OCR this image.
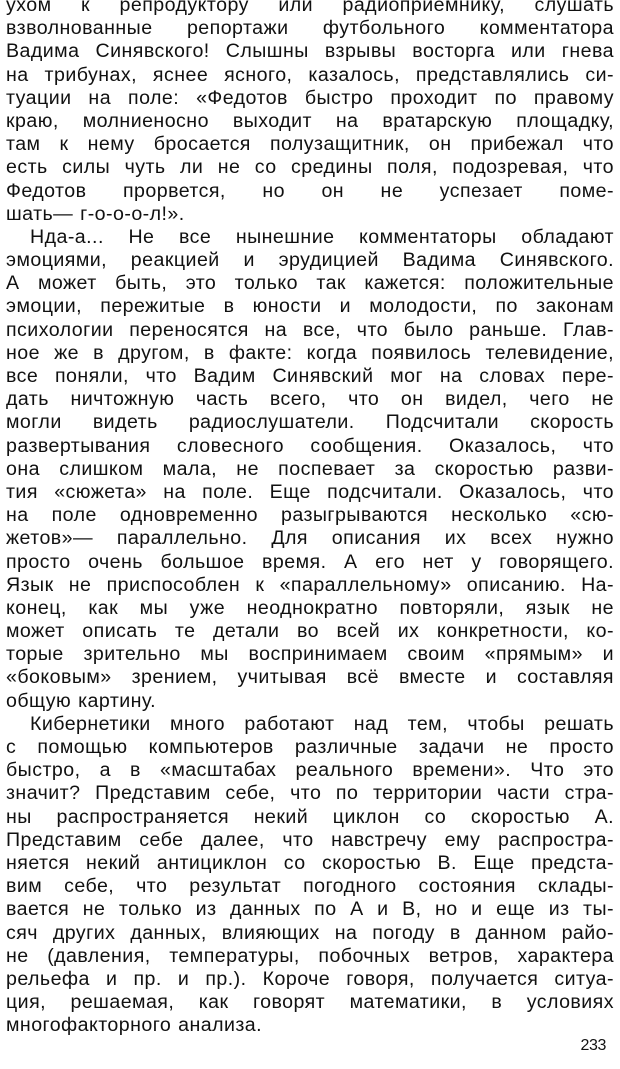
ухом к репродуктору или радиоприемнику, слушать
взволнованные репортажи футбольного комментатора
Вадима Синявского! Слышны взрывы восторга или гнева
на трибунах, яснее ясного, казалось, представлялись си-
туации на поле: «Федотов быстро проходит по правому
краю, молниеносно выходит на вратарскую площадку,
там к нему бросается полузащитник, он прибежал что
есть силы чуть ли не со средины поля, подозревая, что
Федотов прорвется, но он не успезает поме-
шать— г-о-о-о-л!».
Нда-а... Не все нынешние комментаторы обладают
эмоциями, реакцией и эрудицией Вадима Синявского.
А может быть, это только так кажется: положительные
эмоции, пережитые в юности и молодости, по законам
психологии переносятся на все, что было раньше. Глав-
ное же в другом, в факте: когда появилось телевидение,
все поняли, что Вадим Синявский мог на словах пере-
дать ничтожную часть всего, что он видел, чего не
могли видеть радиослушатели. Подсчитали скорость
развертывания словесного сообщения. Оказалось, что
она слишком мала, не поспевает за скоростью разви-
тия «сюжета» на поле. Еще подсчитали. Оказалось, что
на поле одновременно разыгрываются несколько «сю-
жетов»— параллельно. Для описания их всех нужно
просто очень большое время. А его нет у говорящего.
Язык не приспособлен к «параллельному» описанию. На-
конец, как мы уже неоднократно повторяли, язык не
может описать те детали во всей их конкретности, ко-
торые зрительно мы воспринимаем своим «прямым» и
«боковым» зрением, учитывая всё вместе и составляя
общую картину.
Кибернетики много работают над тем, чтобы решать
с помощью компьютеров различные задачи не просто
быстро, а в «масштабах реального времени». Что это
значит? Представим себе, что по территории части стра-
ны распространяется некий циклон со скоростью А.
Представим себе далее, что навстречу ему распростра-
няется некий антициклон со скоростью В. Еще предста-
вим себе, что результат погодного состояния склады-
вается не только из данных по А и В, но и еще из ты-
сяч других данных, влияющих на погоду в данном райо-
не (давления, температуры, побочных ветров, характера
рельефа и пр. и пр.). Короче говоря, получается ситуа-
ция, решаемая, как говорят математики, в условиях
многофакторного анализа.
233
